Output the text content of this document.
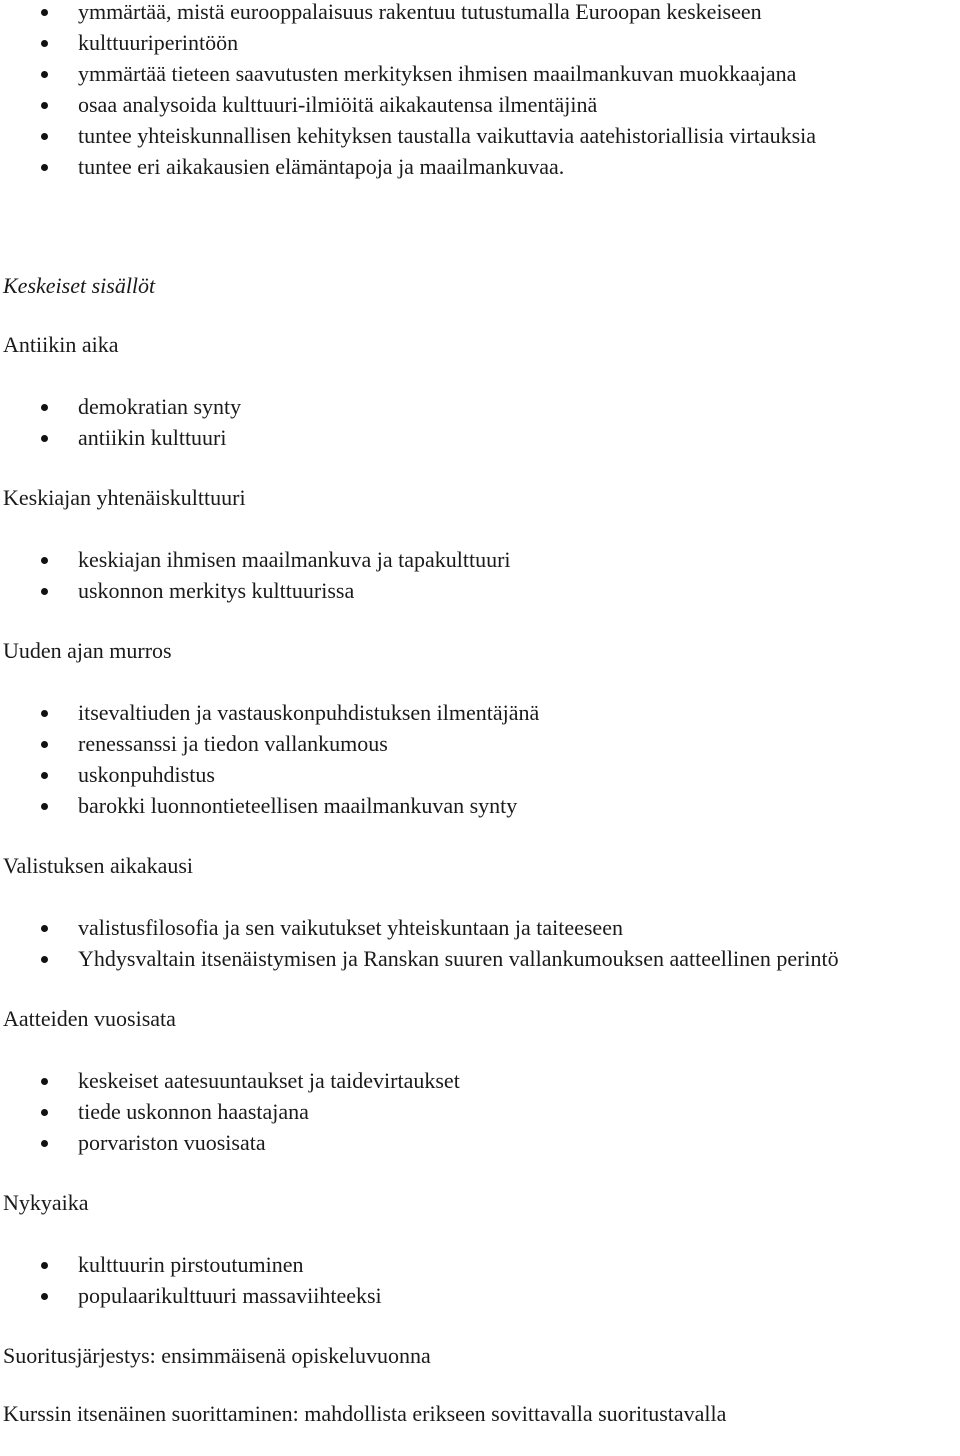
ymmärtää, mistä eurooppalaisuus rakentuu tutustumalla Euroopan keskeiseen
kulttuuriperintöön
ymmärtää tieteen saavutusten merkityksen ihmisen maailmankuvan muokkaajana
osaa analysoida kulttuuri-ilmiöitä aikakautensa ilmentäjinä
tuntee yhteiskunnallisen kehityksen taustalla vaikuttavia aatehistoriallisia virtauksia
tuntee eri aikakausien elämäntapoja ja maailmankuvaa.
Keskeiset sisällöt
Antiikin aika
demokratian synty
antiikin kulttuuri
Keskiajan yhtenäiskulttuuri
keskiajan ihmisen maailmankuva ja tapakulttuuri
uskonnon merkitys kulttuurissa
Uuden ajan murros
itsevaltiuden ja vastauskonpuhdistuksen ilmentäjänä
renessanssi ja tiedon vallankumous
uskonpuhdistus
barokki luonnontieteellisen maailmankuvan synty
Valistuksen aikakausi
valistusfilosofia ja sen vaikutukset yhteiskuntaan ja taiteeseen
Yhdysvaltain itsenäistymisen ja Ranskan suuren vallankumouksen aatteellinen perintö
Aatteiden vuosisata
keskeiset aatesuuntaukset ja taidevirtaukset
tiede uskonnon haastajana
porvariston vuosisata
Nykyaika
kulttuurin pirstoutuminen
populaarikulttuuri massaviihteeksi
Suoritusjärjestys: ensimmäisenä opiskeluvuonna
Kurssin itsenäinen suorittaminen: mahdollista erikseen sovittavalla suoritustavalla
